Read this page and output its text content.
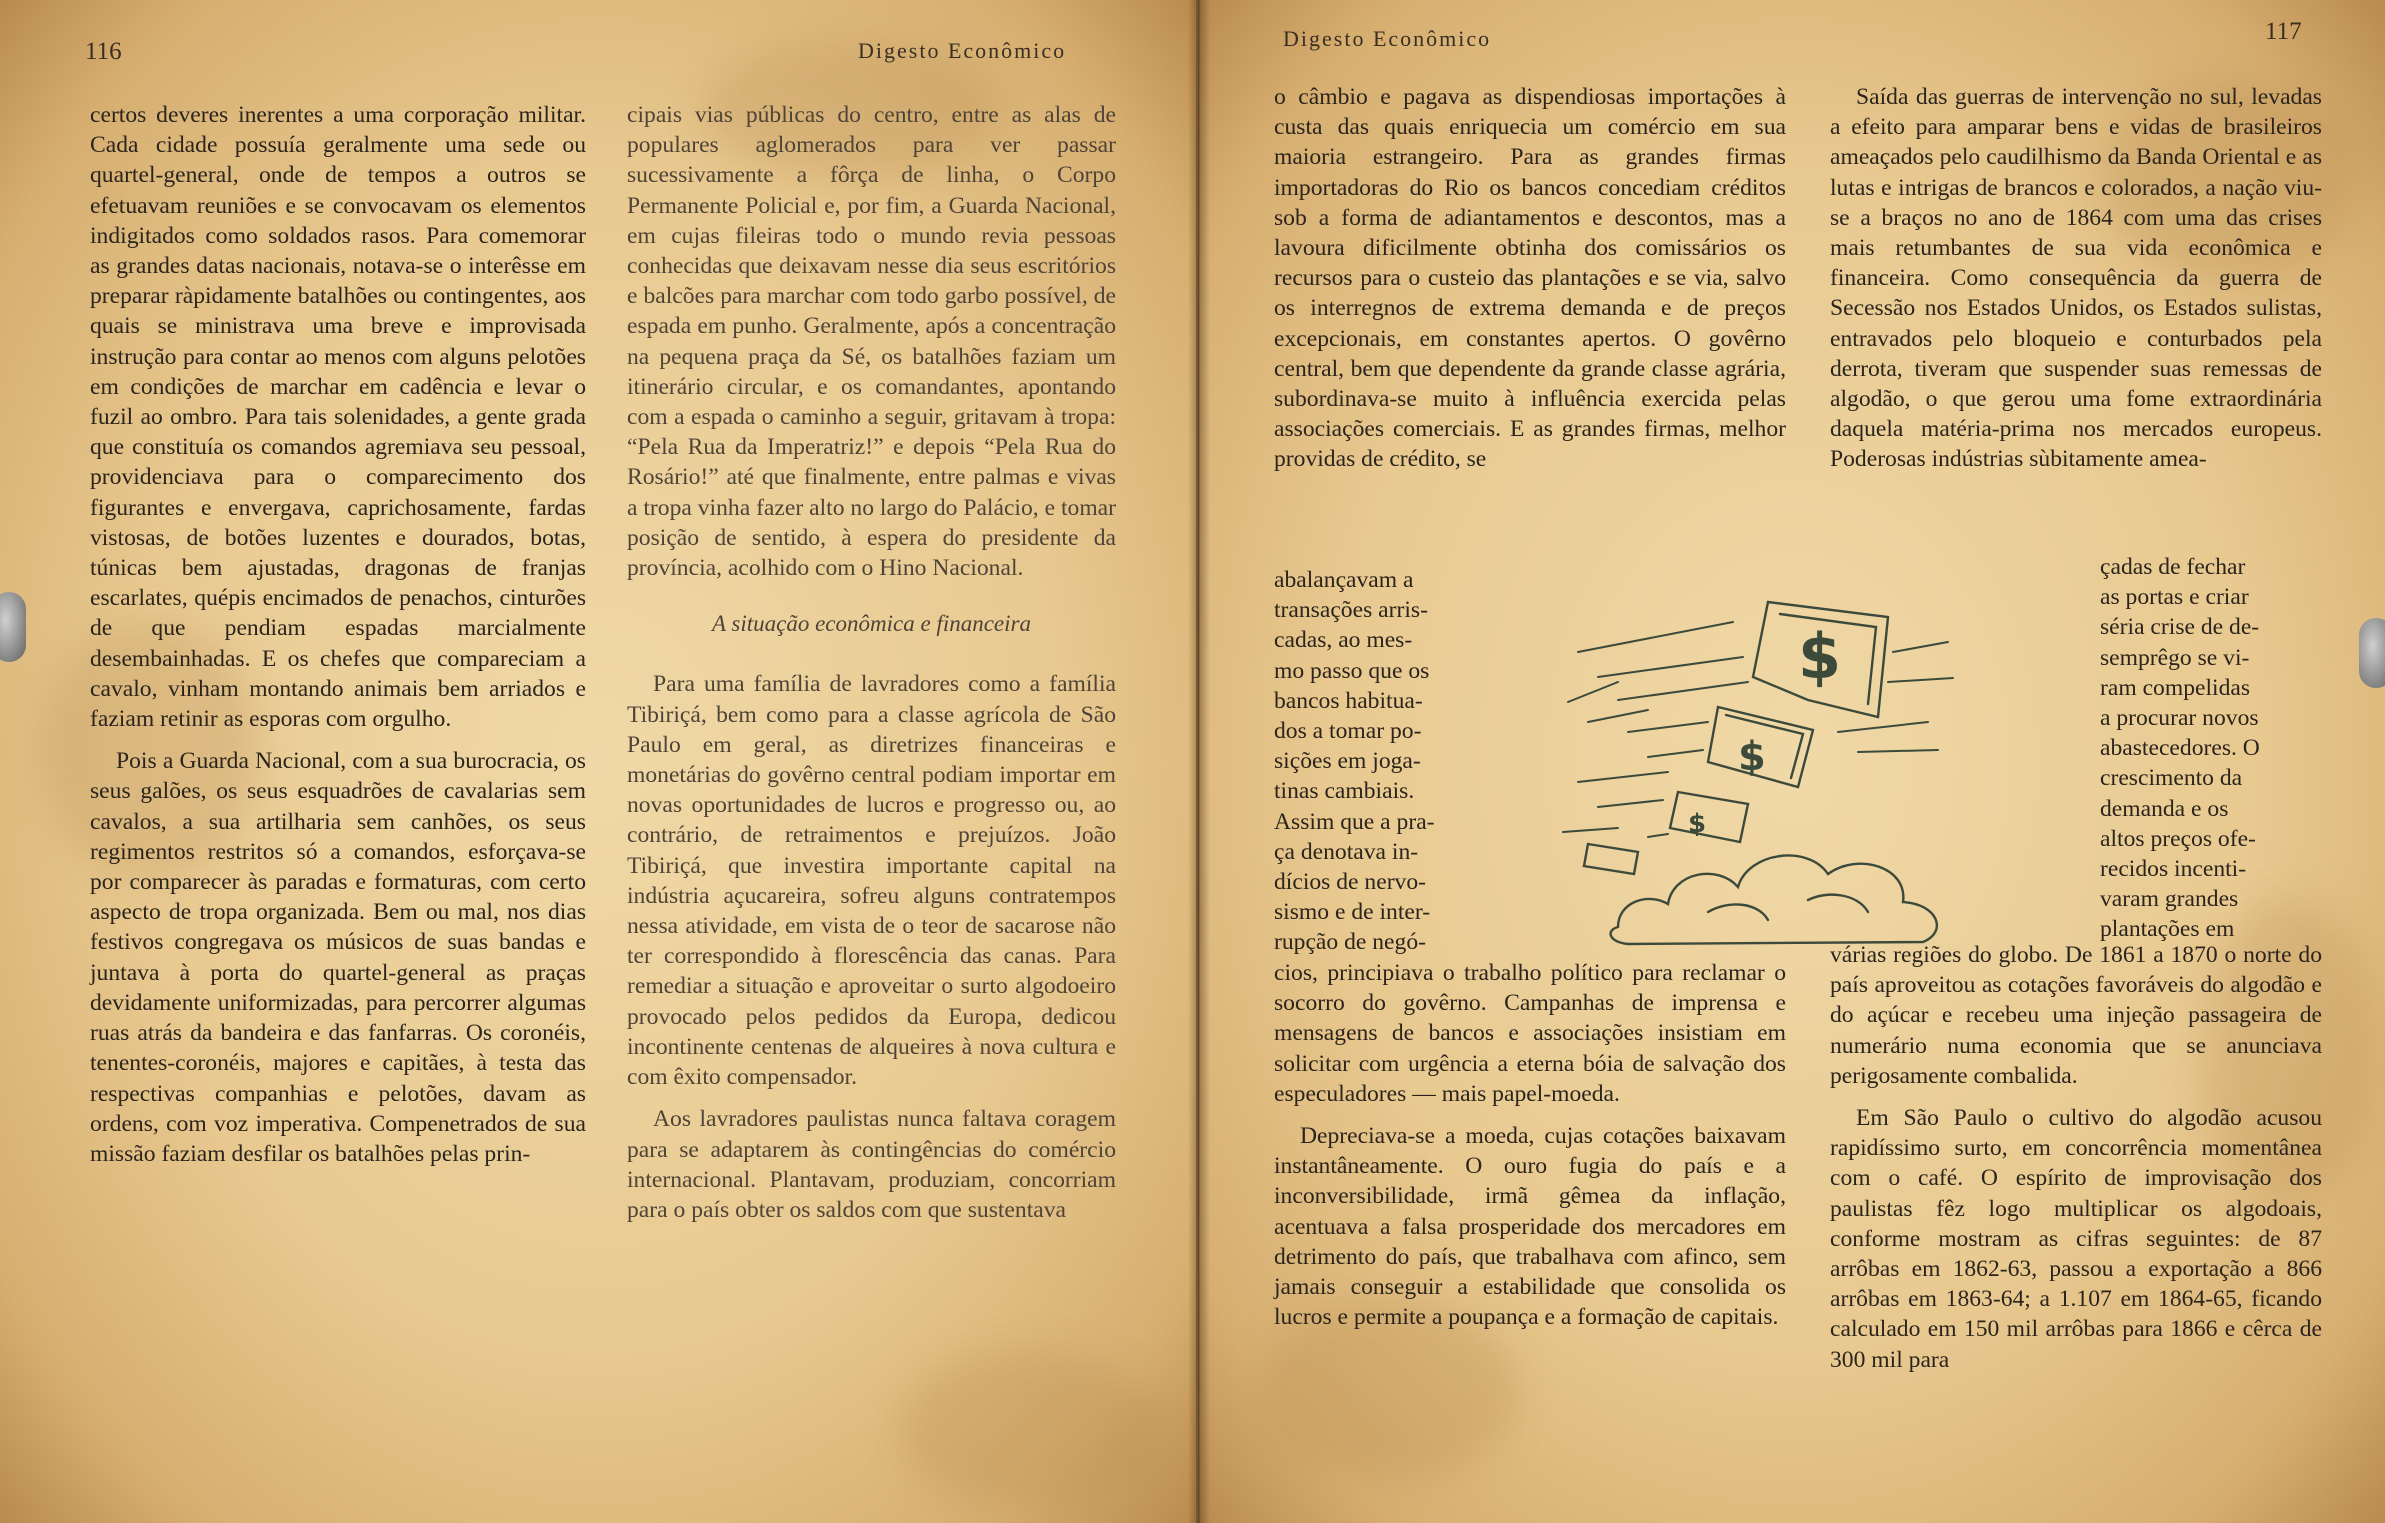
116	Digesto Econômico

certos deveres inerentes a uma corporação militar. Cada cidade possuía geralmente uma sede ou quartel-general, onde de tempos a outros se efetuavam reuniões e se convocavam os elementos indigitados como soldados rasos. Para comemorar as grandes datas nacionais, notava-se o interêsse em preparar ràpidamente batalhões ou contingentes, aos quais se ministrava uma breve e improvisada instrução para contar ao menos com alguns pelotões em condições de marchar em cadência e levar o fuzil ao ombro. Para tais solenidades, a gente grada que constituía os comandos agremiava seu pessoal, providenciava para o comparecimento dos figurantes e envergava, caprichosamente, fardas vistosas, de botões luzentes e dourados, botas, túnicas bem ajustadas, dragonas de franjas escarlates, quépis encimados de penachos, cinturões de que pendiam espadas marcialmente desembainhadas. E os chefes que compareciam a cavalo, vinham montando animais bem arriados e faziam retinir as esporas com orgulho.

Pois a Guarda Nacional, com a sua burocracia, os seus galões, os seus esquadrões de cavalarias sem cavalos, a sua artilharia sem canhões, os seus regimentos restritos só a comandos, esforçava-se por comparecer às paradas e formaturas, com certo aspecto de tropa organizada. Bem ou mal, nos dias festivos congregava os músicos de suas bandas e juntava à porta do quartel-general as praças devidamente uniformizadas, para percorrer algumas ruas atrás da bandeira e das fanfarras. Os coronéis, tenentes-coronéis, majores e capitães, à testa das respectivas companhias e pelotões, davam as ordens, com voz imperativa. Compenetrados de sua missão faziam desfilar os batalhões pelas prin-

cipais vias públicas do centro, entre as alas de populares aglomerados para ver passar sucessivamente a fôrça de linha, o Corpo Permanente Policial e, por fim, a Guarda Nacional, em cujas fileiras todo o mundo revia pessoas conhecidas que deixavam nesse dia seus escritórios e balcões para marchar com todo garbo possível, de espada em punho. Geralmente, após a concentração na pequena praça da Sé, os batalhões faziam um itinerário circular, e os comandantes, apontando com a espada o caminho a seguir, gritavam à tropa: “Pela Rua da Imperatriz!” e depois “Pela Rua do Rosário!” até que finalmente, entre palmas e vivas a tropa vinha fazer alto no largo do Palácio, e tomar posição de sentido, à espera do presidente da província, acolhido com o Hino Nacional.

A situação econômica e financeira

Para uma família de lavradores como a família Tibiriçá, bem como para a classe agrícola de São Paulo em geral, as diretrizes financeiras e monetárias do govêrno central podiam importar em novas oportunidades de lucros e progresso ou, ao contrário, de retraimentos e prejuízos. João Tibiriçá, que investira importante capital na indústria açucareira, sofreu alguns contratempos nessa atividade, em vista de o teor de sacarose não ter correspondido à florescência das canas. Para remediar a situação e aproveitar o surto algodoeiro provocado pelos pedidos da Europa, dedicou incontinente centenas de alqueires à nova cultura e com êxito compensador.

Aos lavradores paulistas nunca faltava coragem para se adaptarem às contingências do comércio internacional. Plantavam, produziam, concorriam para o país obter os saldos com que sustentava

Digesto Econômico	117

o câmbio e pagava as dispendiosas importações à custa das quais enriquecia um comércio em sua maioria estrangeiro. Para as grandes firmas importadoras do Rio os bancos concediam créditos sob a forma de adiantamentos e descontos, mas a lavoura dificilmente obtinha dos comissários os recursos para o custeio das plantações e se via, salvo os interregnos de extrema demanda e de preços excepcionais, em constantes apertos. O govêrno central, bem que dependente da grande classe agrária, subordinava-se muito à influência exercida pelas associações comerciais. E as grandes firmas, melhor providas de crédito, se

abalançavam a
transações arris-
cadas, ao mes-
mo passo que os
bancos habitua-
dos a tomar po-
sições em joga-
tinas cambiais.
Assim que a pra-
ça denotava in-
dícios de nervo-
sismo e de inter-
rupção de negó-

cios, principiava o trabalho político para reclamar o socorro do govêrno. Campanhas de imprensa e mensagens de bancos e associações insistiam em solicitar com urgência a eterna bóia de salvação dos especuladores — mais papel-moeda.

Depreciava-se a moeda, cujas cotações baixavam instantâneamente. O ouro fugia do país e a inconversibilidade, irmã gêmea da inflação, acentuava a falsa prosperidade dos mercadores em detrimento do país, que trabalhava com afinco, sem jamais conseguir a estabilidade que consolida os lucros e permite a poupança e a formação de capitais.

Saída das guerras de intervenção no sul, levadas a efeito para amparar bens e vidas de brasileiros ameaçados pelo caudilhismo da Banda Oriental e as lutas e intrigas de brancos e colorados, a nação viu-se a braços no ano de 1864 com uma das crises mais retumbantes de sua vida econômica e financeira. Como consequência da guerra de Secessão nos Estados Unidos, os Estados sulistas, entravados pelo bloqueio e conturbados pela derrota, tiveram que suspender suas remessas de algodão, o que gerou uma fome extraordinária daquela matéria-prima nos mercados europeus. Poderosas indústrias sùbitamente amea-

çadas de fechar
as portas e criar
séria crise de de-
semprêgo se vi-
ram compelidas
a procurar novos
abastecedores. O
crescimento da
demanda e os
altos preços ofe-
recidos incenti-
varam grandes
plantações em

várias regiões do globo. De 1861 a 1870 o norte do país aproveitou as cotações favoráveis do algodão e do açúcar e recebeu uma injeção passageira de numerário numa economia que se anunciava perigosamente combalida.

Em São Paulo o cultivo do algodão acusou rapidíssimo surto, em concorrência momentânea com o café. O espírito de improvisação dos paulistas fêz logo multiplicar os algodoais, conforme mostram as cifras seguintes: de 87 arrôbas em 1862-63, passou a exportação a 866 arrôbas em 1863-64; a 1.107 em 1864-65, ficando calculado em 150 mil arrôbas para 1866 e cêrca de 300 mil para

$
$
$
